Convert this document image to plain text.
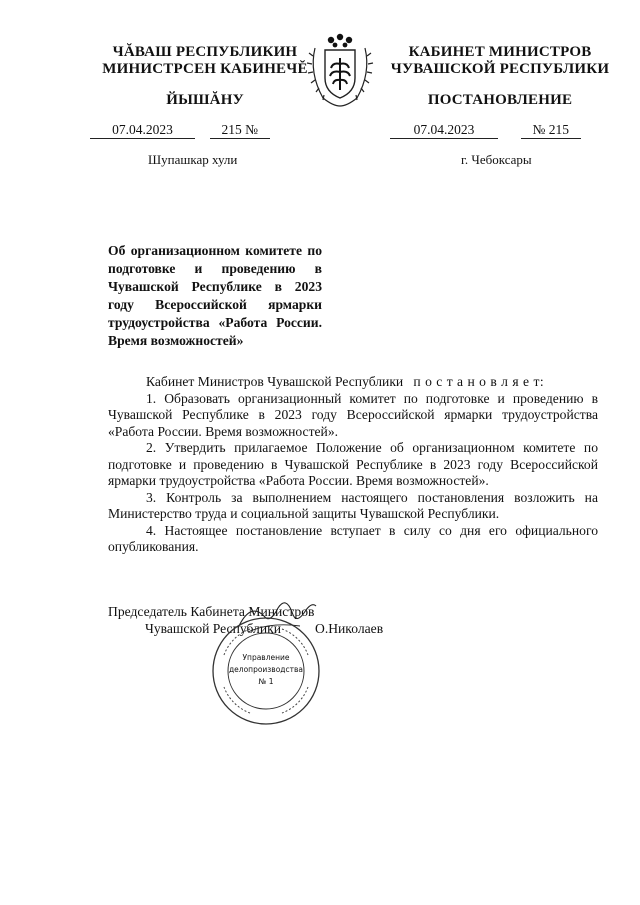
ЧĂВАШ РЕСПУБЛИКИН
МИНИСТРСЕН КАБИНЕЧĔ
ЙЫШĂНУ
КАБИНЕТ МИНИСТРОВ
ЧУВАШСКОЙ РЕСПУБЛИКИ
ПОСТАНОВЛЕНИЕ
07.04.2023	215 №	07.04.2023	№ 215
Шупашкар хули	г. Чебоксары
Об организационном комитете по подготовке и проведению в Чувашской Республике в 2023 году Всероссийской ярмарки трудоустройства «Работа России. Время возможностей»

Кабинет Министров Чувашской Республики п о с т а н о в л я е т:

1. Образовать организационный комитет по подготовке и проведению в Чувашской Республике в 2023 году Всероссийской ярмарки трудоустройства «Работа России. Время возможностей».

2. Утвердить прилагаемое Положение об организационном комитете по подготовке и проведению в Чувашской Республике в 2023 году Всероссийской ярмарки трудоустройства «Работа России. Время возможностей».

3. Контроль за выполнением настоящего постановления возложить на Министерство труда и социальной защиты Чувашской Республики.

4. Настоящее постановление вступает в силу со дня его официального опубликования.

Председатель Кабинета Министров
Чувашской Республики	О.Николаев
Управление
делопроизводства
№ 1
